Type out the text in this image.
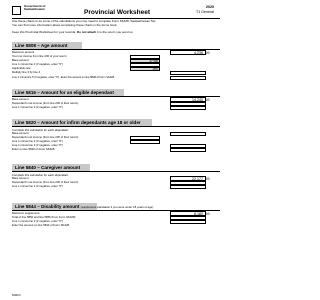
Government of
Saskatchewan	Provincial Worksheet
2020
T1 General
Use these charts to do some of the calculations you may need to complete Form SK428, Saskatchewan Tax.
You can find more information about completing these charts in the forms book.
Keep this Provincial Worksheet for your records. Do not attach it to the return you send us.
Line 5808 – Age amount
Maximum amount	4,236 00
Your net income from line 236 of your return
Base amount	37,525
Line 1 minus line 2 (if negative, enter "0")
Applicable rate	15%
Multiply line 3 by line 4
Line 1 minus line 5 (if negative, enter "0"). Enter this amount on line 5808 of Form SK428.
Line 5816 – Amount for an eligible dependant
Base amount	14,240 00
Dependant's net income (from line 236 of their return)
Line 1 minus line 2 (if negative, enter "0")
Line 5820 – Amount for infirm dependants age 18 or older
Complete this calculation for each dependant.
Base amount
Dependant's net income (from line 236 of their return)
Line 1 minus line 2 (if negative, enter "0")
Line 1 minus line 3 (if negative, enter "0")
Enter on line 5820 of Form SK428.
Line 5840 – Caregiver amount
Complete this calculation for each dependant.
Base amount	22,177 00
Dependant's net income (from line 236 of their return)
Line 1 minus line 2 (if negative, enter "0")
Line 5844 – Disability amount (supplement calculation if you were under 18 years of age)
Maximum supplement	8,180 00
Total of line 5850 and line 5856 (from Form SK428)
Line 1 minus line 2 (if negative, enter "0")
Enter the amount on line 5844 of Form SK428.
5008-D
